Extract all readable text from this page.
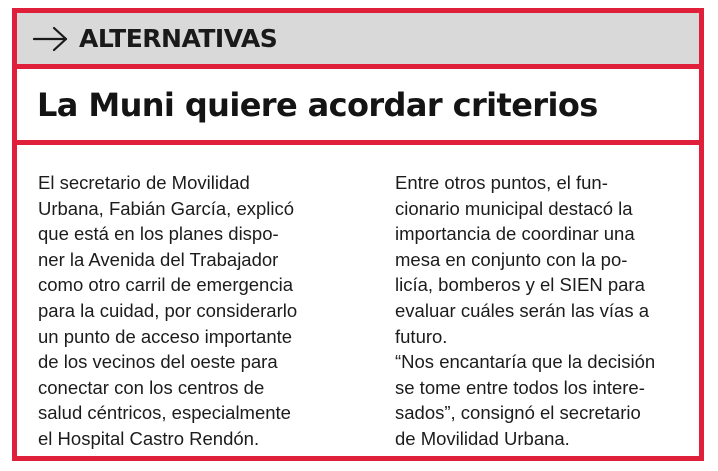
ALTERNATIVAS
La Muni quiere acordar criterios
El secretario de Movilidad
Urbana, Fabián García, explicó
que está en los planes dispo-
ner la Avenida del Trabajador
como otro carril de emergencia
para la cuidad, por considerarlo
un punto de acceso importante
de los vecinos del oeste para
conectar con los centros de
salud céntricos, especialmente
el Hospital Castro Rendón.
Entre otros puntos, el fun-
cionario municipal destacó la
importancia de coordinar una
mesa en conjunto con la po-
licía, bomberos y el SIEN para
evaluar cuáles serán las vías a
futuro.
“Nos encantaría que la decisión
se tome entre todos los intere-
sados”, consignó el secretario
de Movilidad Urbana.
